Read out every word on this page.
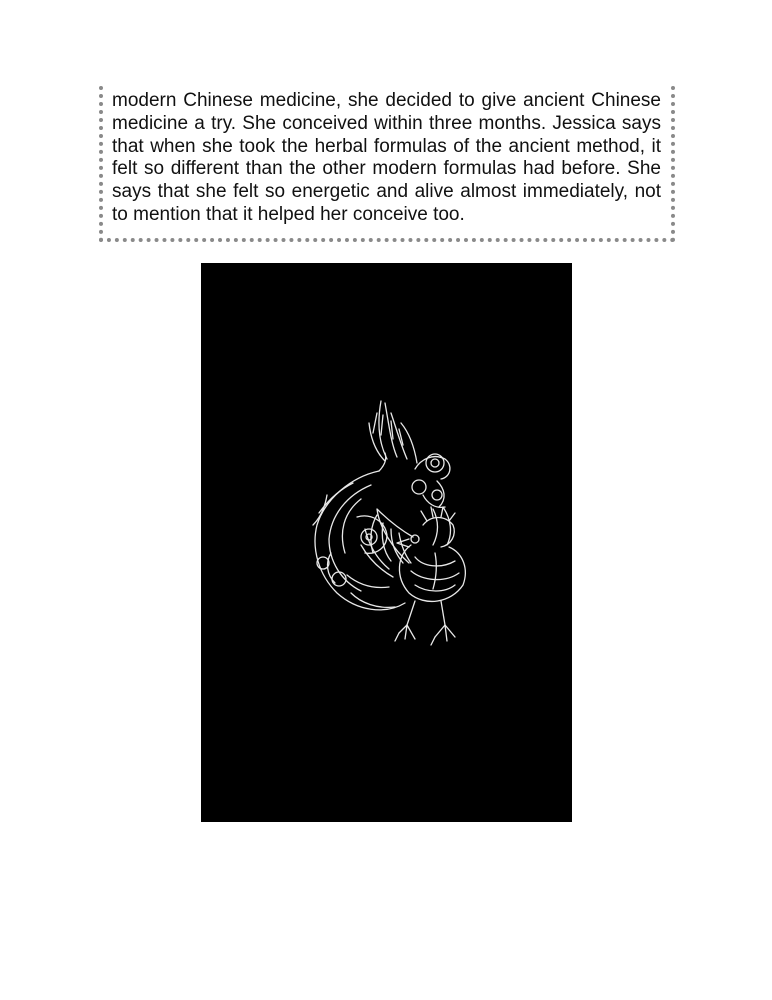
modern Chinese medicine, she decided to give ancient Chinese medicine a try. She conceived within three months. Jessica says that when she took the herbal formulas of the ancient method, it felt so different than the other modern formulas had before. She says that she felt so energetic and alive almost immediately, not to mention that it helped her conceive too.
